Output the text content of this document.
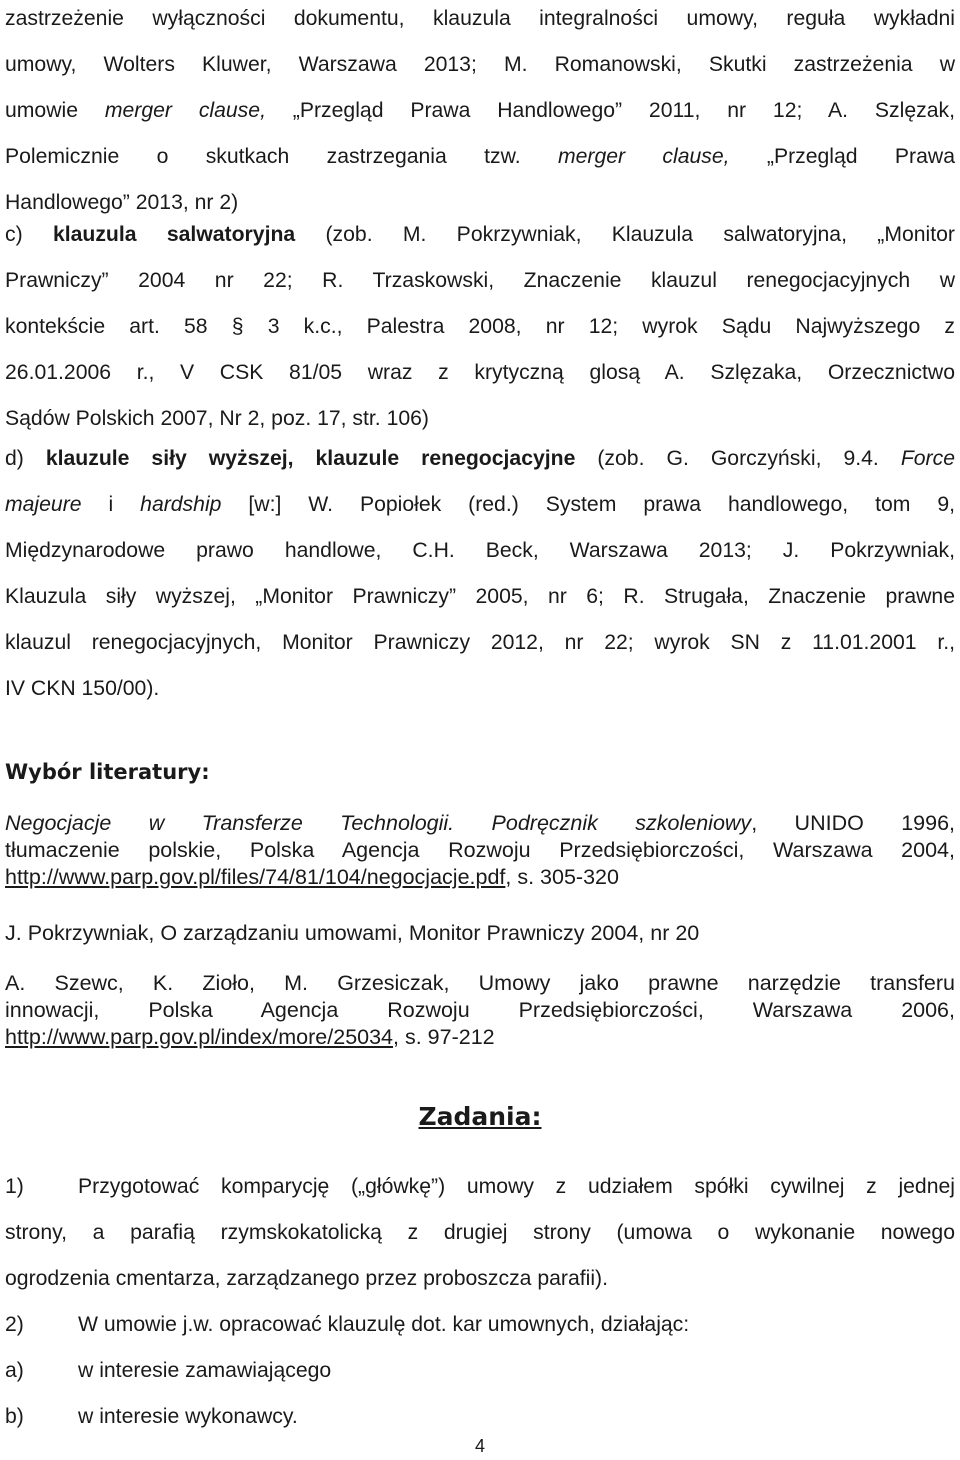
zastrzeżenie wyłączności dokumentu, klauzula integralności umowy, reguła wykładni
umowy, Wolters Kluwer, Warszawa 2013; M. Romanowski, Skutki zastrzeżenia w
umowie merger clause, „Przegląd Prawa Handlowego” 2011, nr 12; A. Szlęzak,
Polemicznie o skutkach zastrzegania tzw. merger clause, „Przegląd Prawa
Handlowego” 2013, nr 2)
c) klauzula salwatoryjna (zob. M. Pokrzywniak, Klauzula salwatoryjna, „Monitor
Prawniczy” 2004 nr 22; R. Trzaskowski, Znaczenie klauzul renegocjacyjnych w
kontekście art. 58 § 3 k.c., Palestra 2008, nr 12; wyrok Sądu Najwyższego z
26.01.2006 r., V CSK 81/05 wraz z krytyczną glosą A. Szlęzaka, Orzecznictwo
Sądów Polskich 2007, Nr 2, poz. 17, str. 106)
d) klauzule siły wyższej, klauzule renegocjacyjne (zob. G. Gorczyński, 9.4. Force
majeure i hardship [w:] W. Popiołek (red.) System prawa handlowego, tom 9,
Międzynarodowe prawo handlowe, C.H. Beck, Warszawa 2013; J. Pokrzywniak,
Klauzula siły wyższej, „Monitor Prawniczy” 2005, nr 6; R. Strugała, Znaczenie prawne
klauzul renegocjacyjnych, Monitor Prawniczy 2012, nr 22; wyrok SN z 11.01.2001 r.,
IV CKN 150/00).
Wybór literatury:
Negocjacje w Transferze Technologii. Podręcznik szkoleniowy, UNIDO 1996,
tłumaczenie polskie, Polska Agencja Rozwoju Przedsiębiorczości, Warszawa 2004,
http://www.parp.gov.pl/files/74/81/104/negocjacje.pdf, s. 305-320
J. Pokrzywniak, O zarządzaniu umowami, Monitor Prawniczy 2004, nr 20
A. Szewc, K. Zioło, M. Grzesiczak, Umowy jako prawne narzędzie transferu
innowacji, Polska Agencja Rozwoju Przedsiębiorczości, Warszawa 2006,
http://www.parp.gov.pl/index/more/25034, s. 97-212
Zadania:
1)	Przygotować komparycję („główkę”) umowy z udziałem spółki cywilnej z jednej
strony, a parafią rzymskokatolicką z drugiej strony (umowa o wykonanie nowego
ogrodzenia cmentarza, zarządzanego przez proboszcza parafii).
2)	W umowie j.w. opracować klauzulę dot. kar umownych, działając:
a)	w interesie zamawiającego
b)	w interesie wykonawcy.
4
